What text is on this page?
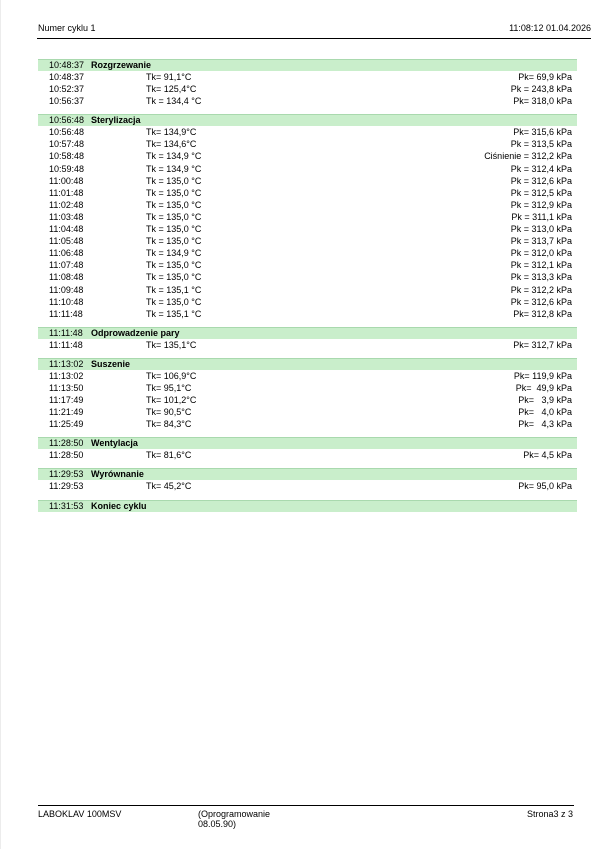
Numer cyklu 1	11:08:12 01.04.2026
10:48:37 Rozgrzewanie
10:48:37	Tk= 91,1°C	Pk= 69,9 kPa
10:52:37	Tk= 125,4°C	Pk = 243,8 kPa
10:56:37	Tk = 134,4 °C	Pk= 318,0 kPa
10:56:48 Sterylizacja
10:56:48	Tk= 134,9°C	Pk= 315,6 kPa
10:57:48	Tk= 134,6°C	Pk = 313,5 kPa
10:58:48	Tk = 134,9 °C	Ciśnienie = 312,2 kPa
10:59:48	Tk = 134,9 °C	Pk = 312,4 kPa
11:00:48	Tk = 135,0 °C	Pk = 312,6 kPa
11:01:48	Tk = 135,0 °C	Pk = 312,5 kPa
11:02:48	Tk = 135,0 °C	Pk = 312,9 kPa
11:03:48	Tk = 135,0 °C	Pk = 311,1 kPa
11:04:48	Tk = 135,0 °C	Pk = 313,0 kPa
11:05:48	Tk = 135,0 °C	Pk = 313,7 kPa
11:06:48	Tk = 134,9 °C	Pk = 312,0 kPa
11:07:48	Tk = 135,0 °C	Pk = 312,1 kPa
11:08:48	Tk = 135,0 °C	Pk = 313,3 kPa
11:09:48	Tk = 135,1 °C	Pk = 312,2 kPa
11:10:48	Tk = 135,0 °C	Pk = 312,6 kPa
11:11:48	Tk = 135,1 °C	Pk= 312,8 kPa
11:11:48 Odprowadzenie pary
11:11:48	Tk= 135,1°C	Pk= 312,7 kPa
11:13:02 Suszenie
11:13:02	Tk= 106,9°C	Pk= 119,9 kPa
11:13:50	Tk= 95,1°C	Pk=  49,9 kPa
11:17:49	Tk= 101,2°C	Pk=   3,9 kPa
11:21:49	Tk= 90,5°C	Pk=   4,0 kPa
11:25:49	Tk= 84,3°C	Pk=   4,3 kPa
11:28:50 Wentylacja
11:28:50	Tk= 81,6°C	Pk= 4,5 kPa
11:29:53 Wyrównanie
11:29:53	Tk= 45,2°C	Pk= 95,0 kPa
11:31:53 Koniec cyklu
LABOKLAV 100MSV	(Oprogramowanie
08.05.90)
Strona3 z 3
